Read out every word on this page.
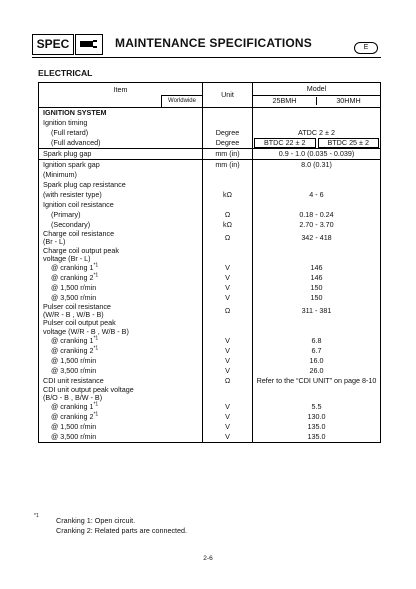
SPEC	MAINTENANCE SPECIFICATIONS	E
ELECTRICAL
Item
Worldwide	Unit	Model

		25BMH 30HMH

IGNITION SYSTEM		
Ignition timing		
(Full retard)	Degree	ATDC 2 ± 2
(Full advanced)	Degree	BTDC 22 ± 2 BTDC 25 ± 2

Spark plug gap	mm (in)	0.9 - 1.0 (0.035 - 0.039)
Ignition spark gap	mm (in)	8.0 (0.31)
(Minimum)		
Spark plug cap resistance		
(with resister type)	kΩ	4 - 6
Ignition coil resistance		
(Primary)	Ω	0.18 - 0.24
(Secondary)	kΩ	2.70 - 3.70

Charge coil resistance
(Br - L)	Ω	342 - 418

Charge coil output peak
voltage (Br - L)		

@ cranking 1$^{*1}$	V	146
@ cranking 2$^{*1}$	V	146
@ 1,500 r/min	V	150
@ 3,500 r/min	V	150

Pulser coil resistance
(W/R - B , W/B - B)	Ω	311 - 381

Pulser coil output peak
voltage (W/R - B , W/B - B)		

@ cranking 1$^{*1}$	V	6.8
@ cranking 2$^{*1}$	V	6.7
@ 1,500 r/min	V	16.0
@ 3,500 r/min	V	26.0
CDI unit resistance	Ω	Refer to the “CDI UNIT” on page 8-10

CDI unit output peak voltage
(B/O - B , B/W - B)		

@ cranking 1$^{*1}$	V	5.5
@ cranking 2$^{*1}$	V	130.0
@ 1,500 r/min	V	135.0
@ 3,500 r/min	V	135.0
*1 Cranking 1: Open circuit.
Cranking 2: Related parts are connected.
2-6
